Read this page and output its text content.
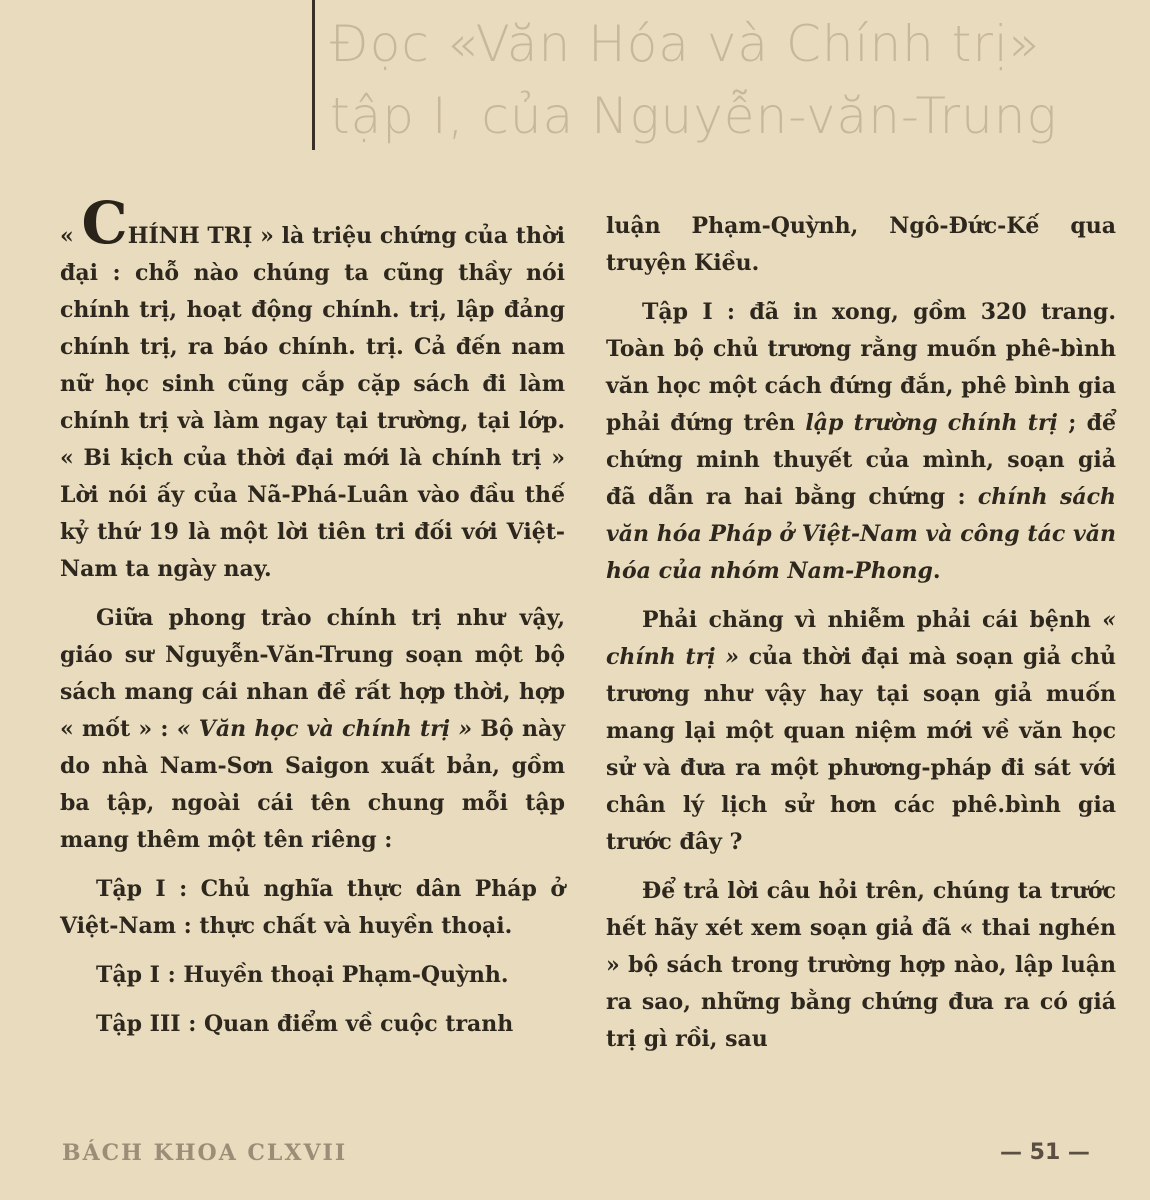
Đọc «Văn Hóa và Chính trị»
tập I, của Nguyễn-văn-Trung

« CHÍNH TRỊ » là triệu chứng của thời đại : chỗ nào chúng ta cũng thầy nói chính trị, hoạt động chính. trị, lập đảng chính trị, ra báo chính. trị. Cả đến nam nữ học sinh cũng cắp cặp sách đi làm chính trị và làm ngay tại trường, tại lớp. « Bi kịch của thời đại mới là chính trị » Lời nói ấy của Nã-Phá-Luân vào đầu thế kỷ thứ 19 là một lời tiên tri đối với Việt-Nam ta ngày nay.

Giữa phong trào chính trị như vậy, giáo sư Nguyễn-Văn-Trung soạn một bộ sách mang cái nhan đề rất hợp thời, hợp « mốt » : « Văn học và chính trị » Bộ này do nhà Nam-Sơn Saigon xuất bản, gồm ba tập, ngoài cái tên chung mỗi tập mang thêm một tên riêng :

Tập I : Chủ nghĩa thực dân Pháp ở Việt-Nam : thực chất và huyền thoại.

Tập I : Huyền thoại Phạm-Quỳnh.

Tập III : Quan điểm về cuộc tranh

luận Phạm-Quỳnh, Ngô-Đức-Kế qua truyện Kiều.

Tập I : đã in xong, gồm 320 trang. Toàn bộ chủ trương rằng muốn phê-bình văn học một cách đứng đắn, phê bình gia phải đứng trên lập trường chính trị ; để chứng minh thuyết của mình, soạn giả đã dẫn ra hai bằng chứng : chính sách văn hóa Pháp ở Việt-Nam và công tác văn hóa của nhóm Nam-Phong.

Phải chăng vì nhiễm phải cái bệnh « chính trị » của thời đại mà soạn giả chủ trương như vậy hay tại soạn giả muốn mang lại một quan niệm mới về văn học sử và đưa ra một phương-pháp đi sát với chân lý lịch sử hơn các phê.bình gia trước đây ?

Để trả lời câu hỏi trên, chúng ta trước hết hãy xét xem soạn giả đã « thai nghén » bộ sách trong trường hợp nào, lập luận ra sao, những bằng chứng đưa ra có giá trị gì rồi, sau

BÁCH KHOA CLXVII	— 51 —
